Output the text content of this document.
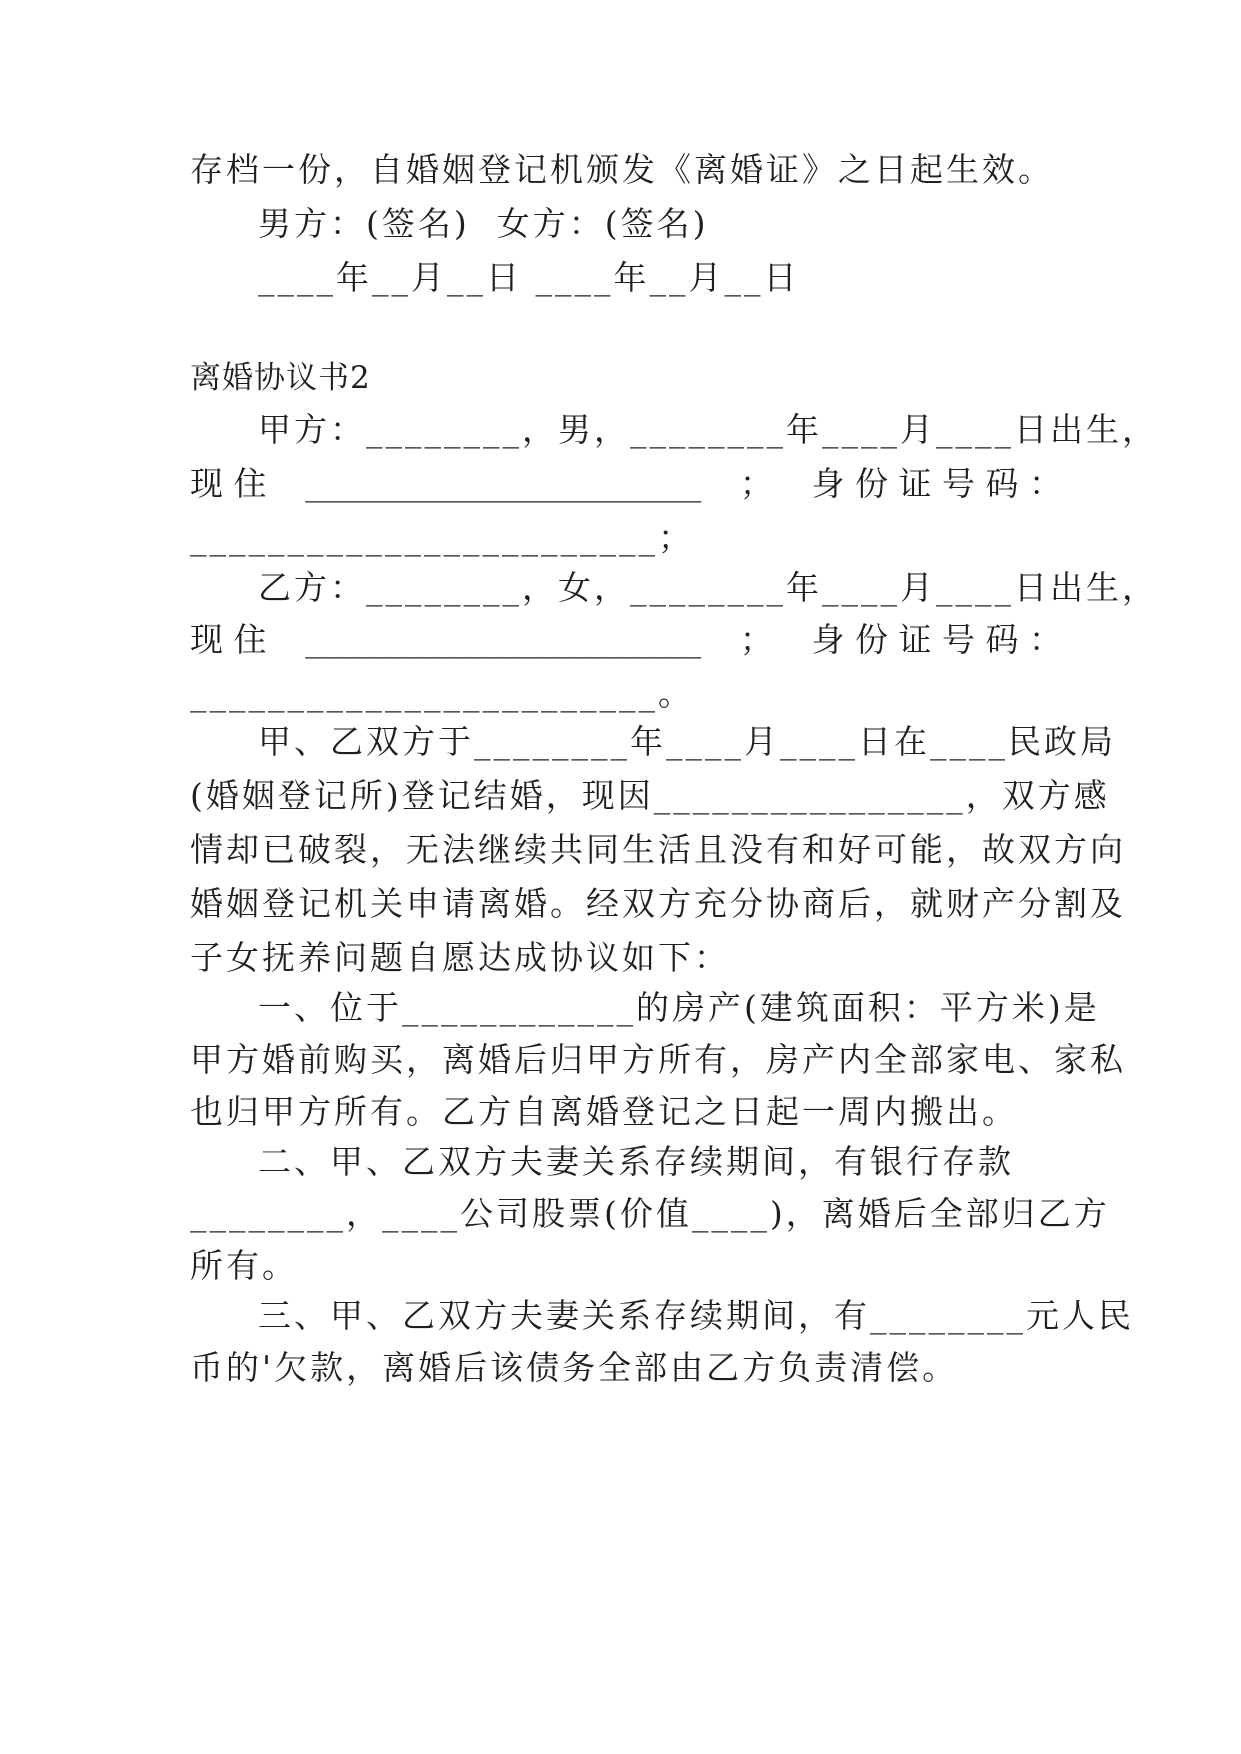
存档一份，自婚姻登记机颁发《离婚证》之日起生效。
男方：(签名)  女方：(签名)
____年__月__日 ____年__月__日
离婚协议书2
甲方：________，男，________年____月____日出生，
现 住 ________________________ ； 身 份 证 号 码 ：
________________________；
乙方：________，女，________年____月____日出生，
现 住 ________________________ ； 身 份 证 号 码 ：
________________________。
甲、乙双方于________年____月____日在____民政局
(婚姻登记所)登记结婚，现因________________，双方感
情却已破裂，无法继续共同生活且没有和好可能，故双方向
婚姻登记机关申请离婚。经双方充分协商后，就财产分割及
子女抚养问题自愿达成协议如下：
一、位于____________的房产(建筑面积：平方米)是
甲方婚前购买，离婚后归甲方所有，房产内全部家电、家私
也归甲方所有。乙方自离婚登记之日起一周内搬出。
二、甲、乙双方夫妻关系存续期间，有银行存款
________，____公司股票(价值____)，离婚后全部归乙方
所有。
三、甲、乙双方夫妻关系存续期间，有________元人民
币的'欠款，离婚后该债务全部由乙方负责清偿。
